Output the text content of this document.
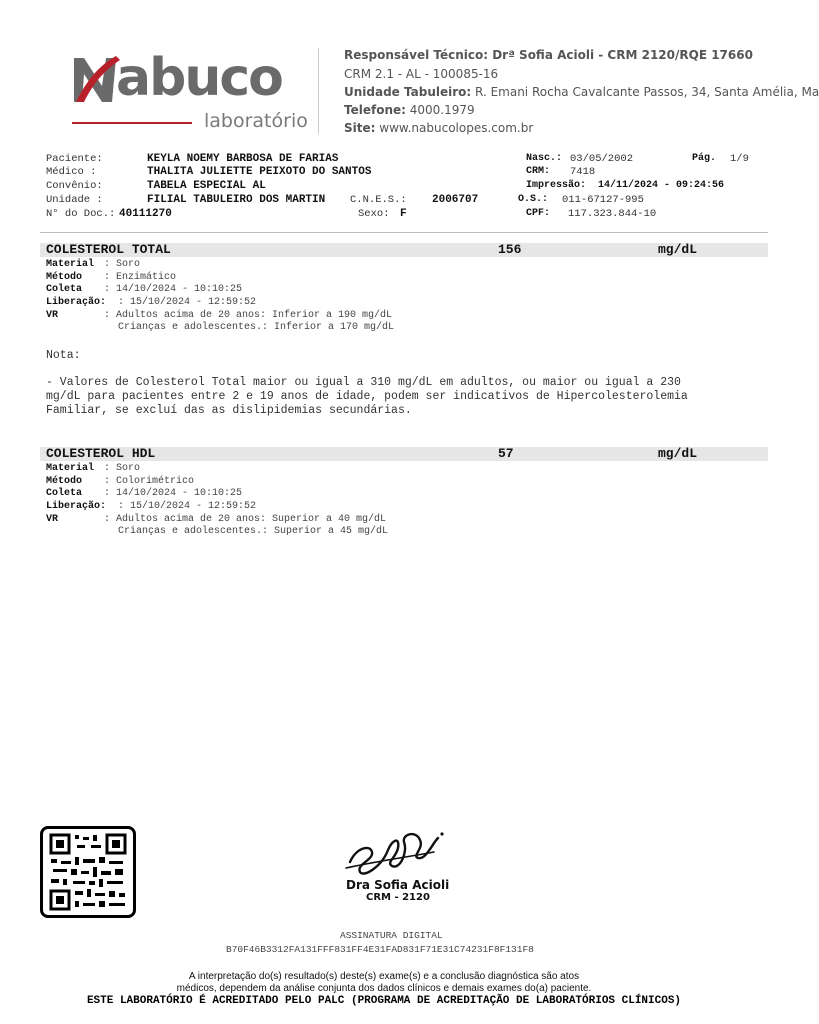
abuco
laboratório
Responsável Técnico: Drª Sofia Acioli - CRM 2120/RQE 17660
CRM 2.1 - AL - 100085-16
Unidade Tabuleiro: R. Emani Rocha Cavalcante Passos, 34, Santa Amélia, Ma
Telefone: 4000.1979
Site: www.nabucolopes.com.br
Paciente:	KEYLA NOEMY BARBOSA DE FARIAS
Médico :	THALITA JULIETTE PEIXOTO DO SANTOS
Convênio:	TABELA ESPECIAL AL
Unidade :	FILIAL TABULEIRO DOS MARTIN C.N.E.S.: 2006707
N° do Doc.: 40111270	Sexo: F
Nasc.: 03/05/2002	Pág. 1/9
CRM: 7418
Impressão: 14/11/2024 - 09:24:56
O.S.: 011-67127-995
CPF: 117.323.844-10
COLESTEROL TOTAL	156	mg/dL
Material : Soro
Método : Enzimático
Coleta : 14/10/2024 - 10:10:25
Liberação: : 15/10/2024 - 12:59:52
VR	: Adultos acima de 20 anos: Inferior a 190 mg/dL
Crianças e adolescentes.: Inferior a 170 mg/dL
Nota:
- Valores de Colesterol Total maior ou igual a 310 mg/dL em adultos, ou maior ou igual a 230
mg/dL para pacientes entre 2 e 19 anos de idade, podem ser indicativos de Hipercolesterolemia
Familiar, se excluí das as dislipidemias secundárias.
COLESTEROL HDL	57	mg/dL
Material : Soro
Método : Colorimétrico
Coleta : 14/10/2024 - 10:10:25
Liberação: : 15/10/2024 - 12:59:52
VR	: Adultos acima de 20 anos: Superior a 40 mg/dL
Crianças e adolescentes.: Superior a 45 mg/dL
Dra Sofia Acioli
CRM - 2120
ASSINATURA DIGITAL
B70F46B3312FA131FFF831FF4E31FAD831F71E31C74231F8F131F8
A interpretação do(s) resultado(s) deste(s) exame(s) e a conclusão diagnóstica são atos
médicos, dependem da análise conjunta dos dados clínicos e demais exames do(a) paciente.
ESTE LABORATÓRIO É ACREDITADO PELO PALC (PROGRAMA DE ACREDITAÇÃO DE LABORATÓRIOS CLÍNICOS)
